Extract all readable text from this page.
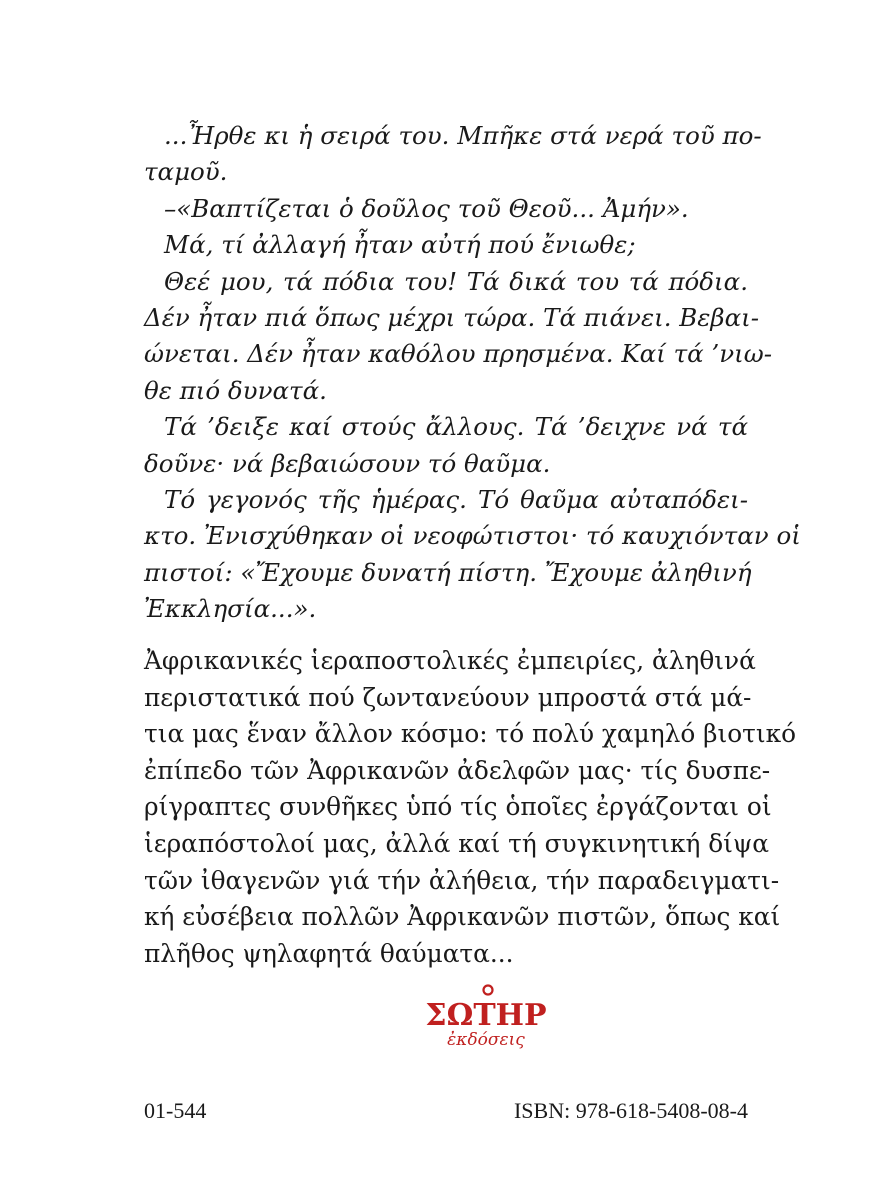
...Ἦρθε κι ἡ σειρά του. Μπῆκε στά νερά τοῦ πο-
ταμοῦ.

–«Βαπτίζεται ὁ δοῦλος τοῦ Θεοῦ... Ἀμήν».

Μά, τί ἀλλαγή ἦταν αὐτή πού ἔνιωθε;

Θεέ μου, τά πόδια του! Τά δικά του τά πόδια.
Δέν ἦταν πιά ὅπως μέχρι τώρα. Τά πιάνει. Βεβαι-
ώνεται. Δέν ἦταν καθόλου πρησμένα. Καί τά ’νιω-
θε πιό δυνατά.

Τά ’δειξε καί στούς ἄλλους. Τά ’δειχνε νά τά
δοῦνε· νά βεβαιώσουν τό θαῦμα.

Τό γεγονός τῆς ἡμέρας. Τό θαῦμα αὐταπόδει-
κτο. Ἐνισχύθηκαν οἱ νεοφώτιστοι· τό καυχιόνταν οἱ
πιστοί: «Ἔχουμε δυνατή πίστη. Ἔχουμε ἀληθινή
Ἐκκλησία...».

Ἀφρικανικές ἱεραποστολικές ἐμπειρίες, ἀληθινά
περιστατικά πού ζωντανεύουν μπροστά στά μά-
τια μας ἕναν ἄλλον κόσμο: τό πολύ χαμηλό βιοτικό
ἐπίπεδο τῶν Ἀφρικανῶν ἀδελφῶν μας· τίς δυσπε-
ρίγραπτες συνθῆκες ὑπό τίς ὁποῖες ἐργάζονται οἱ
ἱεραπόστολοί μας, ἀλλά καί τή συγκινητική δίψα
τῶν ἰθαγενῶν γιά τήν ἀλήθεια, τήν παραδειγματι-
κή εὐσέβεια πολλῶν Ἀφρικανῶν πιστῶν, ὅπως καί
πλῆθος ψηλαφητά θαύματα...
ΣΩΤΗΡ
ἐκδόσεις
01-544	ISBN: 978-618-5408-08-4
